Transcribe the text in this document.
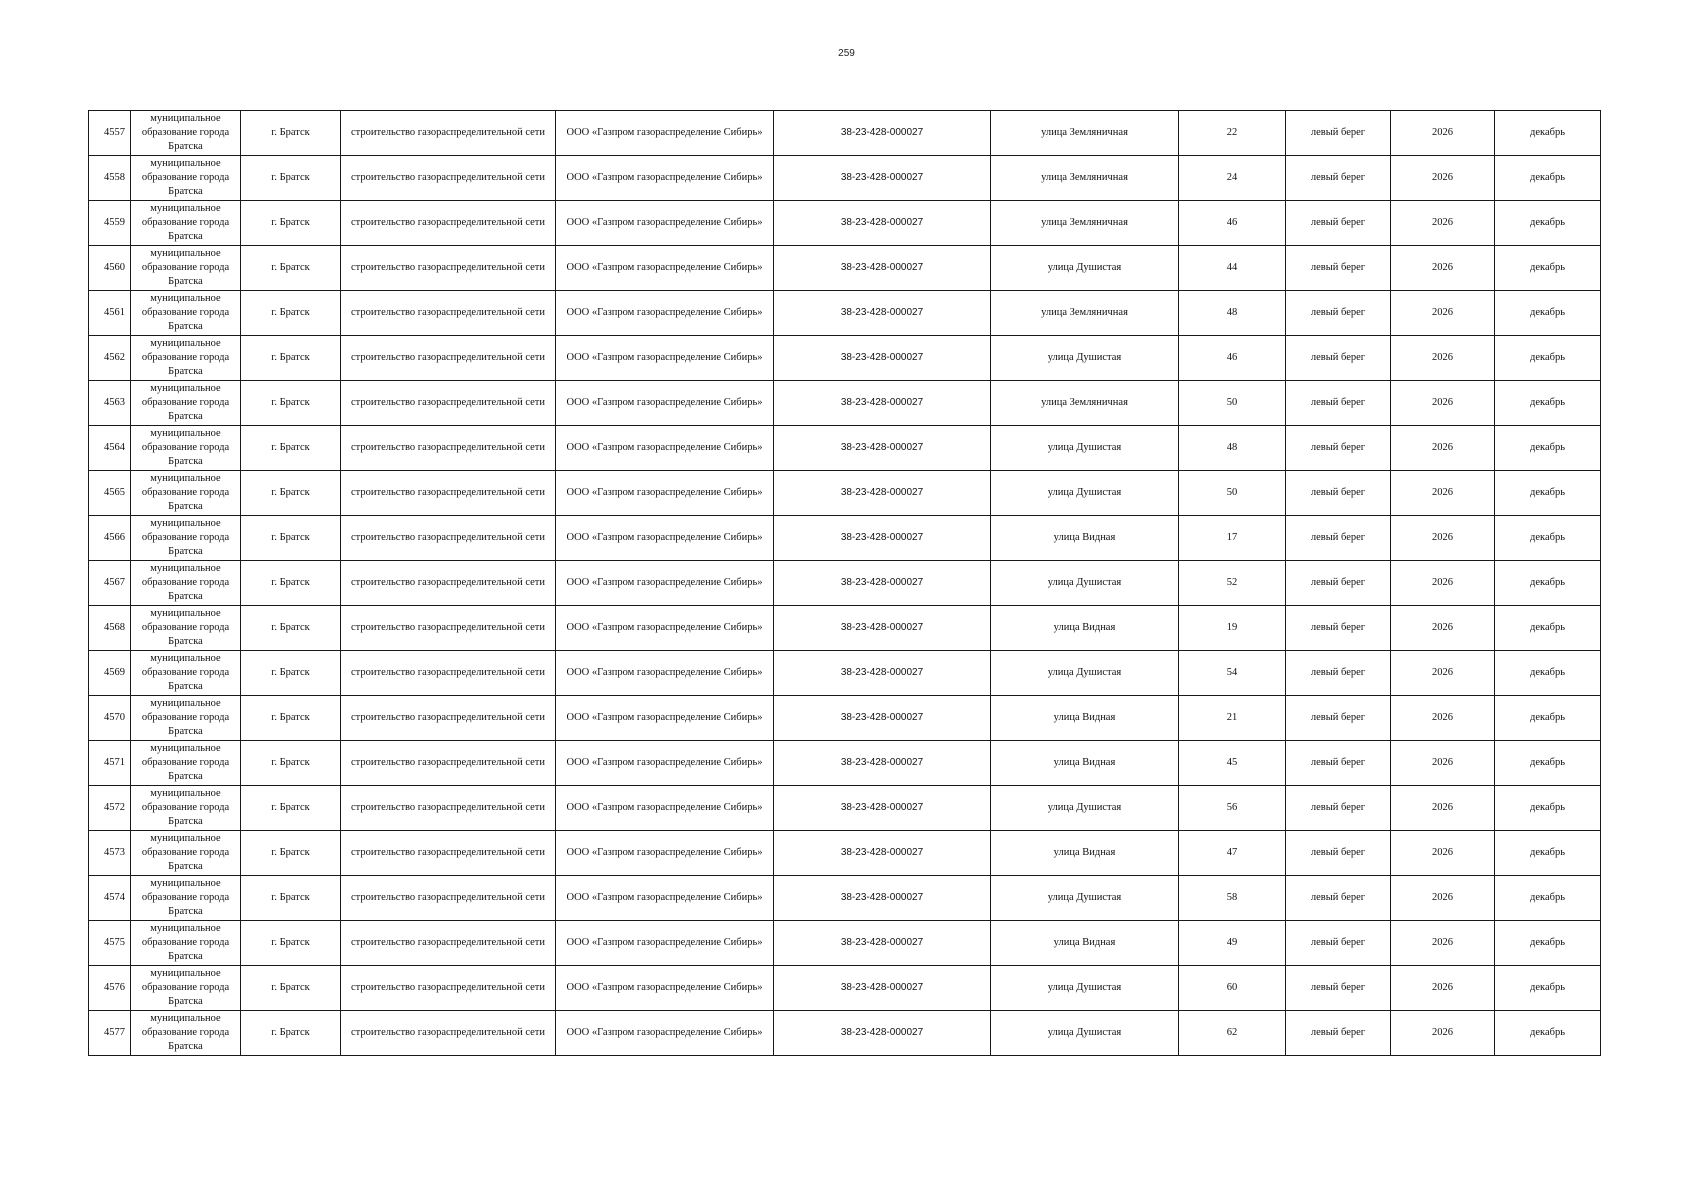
259
4557	муниципальное образование города Братска	г. Братск	строительство газораспределительной сети	ООО «Газпром газораспределение Сибирь»	38-23-428-000027	улица Земляничная	22	левый берег	2026	декабрь
4558	муниципальное образование города Братска	г. Братск	строительство газораспределительной сети	ООО «Газпром газораспределение Сибирь»	38-23-428-000027	улица Земляничная	24	левый берег	2026	декабрь
4559	муниципальное образование города Братска	г. Братск	строительство газораспределительной сети	ООО «Газпром газораспределение Сибирь»	38-23-428-000027	улица Земляничная	46	левый берег	2026	декабрь
4560	муниципальное образование города Братска	г. Братск	строительство газораспределительной сети	ООО «Газпром газораспределение Сибирь»	38-23-428-000027	улица Душистая	44	левый берег	2026	декабрь
4561	муниципальное образование города Братска	г. Братск	строительство газораспределительной сети	ООО «Газпром газораспределение Сибирь»	38-23-428-000027	улица Земляничная	48	левый берег	2026	декабрь
4562	муниципальное образование города Братска	г. Братск	строительство газораспределительной сети	ООО «Газпром газораспределение Сибирь»	38-23-428-000027	улица Душистая	46	левый берег	2026	декабрь
4563	муниципальное образование города Братска	г. Братск	строительство газораспределительной сети	ООО «Газпром газораспределение Сибирь»	38-23-428-000027	улица Земляничная	50	левый берег	2026	декабрь
4564	муниципальное образование города Братска	г. Братск	строительство газораспределительной сети	ООО «Газпром газораспределение Сибирь»	38-23-428-000027	улица Душистая	48	левый берег	2026	декабрь
4565	муниципальное образование города Братска	г. Братск	строительство газораспределительной сети	ООО «Газпром газораспределение Сибирь»	38-23-428-000027	улица Душистая	50	левый берег	2026	декабрь
4566	муниципальное образование города Братска	г. Братск	строительство газораспределительной сети	ООО «Газпром газораспределение Сибирь»	38-23-428-000027	улица Видная	17	левый берег	2026	декабрь
4567	муниципальное образование города Братска	г. Братск	строительство газораспределительной сети	ООО «Газпром газораспределение Сибирь»	38-23-428-000027	улица Душистая	52	левый берег	2026	декабрь
4568	муниципальное образование города Братска	г. Братск	строительство газораспределительной сети	ООО «Газпром газораспределение Сибирь»	38-23-428-000027	улица Видная	19	левый берег	2026	декабрь
4569	муниципальное образование города Братска	г. Братск	строительство газораспределительной сети	ООО «Газпром газораспределение Сибирь»	38-23-428-000027	улица Душистая	54	левый берег	2026	декабрь
4570	муниципальное образование города Братска	г. Братск	строительство газораспределительной сети	ООО «Газпром газораспределение Сибирь»	38-23-428-000027	улица Видная	21	левый берег	2026	декабрь
4571	муниципальное образование города Братска	г. Братск	строительство газораспределительной сети	ООО «Газпром газораспределение Сибирь»	38-23-428-000027	улица Видная	45	левый берег	2026	декабрь
4572	муниципальное образование города Братска	г. Братск	строительство газораспределительной сети	ООО «Газпром газораспределение Сибирь»	38-23-428-000027	улица Душистая	56	левый берег	2026	декабрь
4573	муниципальное образование города Братска	г. Братск	строительство газораспределительной сети	ООО «Газпром газораспределение Сибирь»	38-23-428-000027	улица Видная	47	левый берег	2026	декабрь
4574	муниципальное образование города Братска	г. Братск	строительство газораспределительной сети	ООО «Газпром газораспределение Сибирь»	38-23-428-000027	улица Душистая	58	левый берег	2026	декабрь
4575	муниципальное образование города Братска	г. Братск	строительство газораспределительной сети	ООО «Газпром газораспределение Сибирь»	38-23-428-000027	улица Видная	49	левый берег	2026	декабрь
4576	муниципальное образование города Братска	г. Братск	строительство газораспределительной сети	ООО «Газпром газораспределение Сибирь»	38-23-428-000027	улица Душистая	60	левый берег	2026	декабрь
4577	муниципальное образование города Братска	г. Братск	строительство газораспределительной сети	ООО «Газпром газораспределение Сибирь»	38-23-428-000027	улица Душистая	62	левый берег	2026	декабрь
